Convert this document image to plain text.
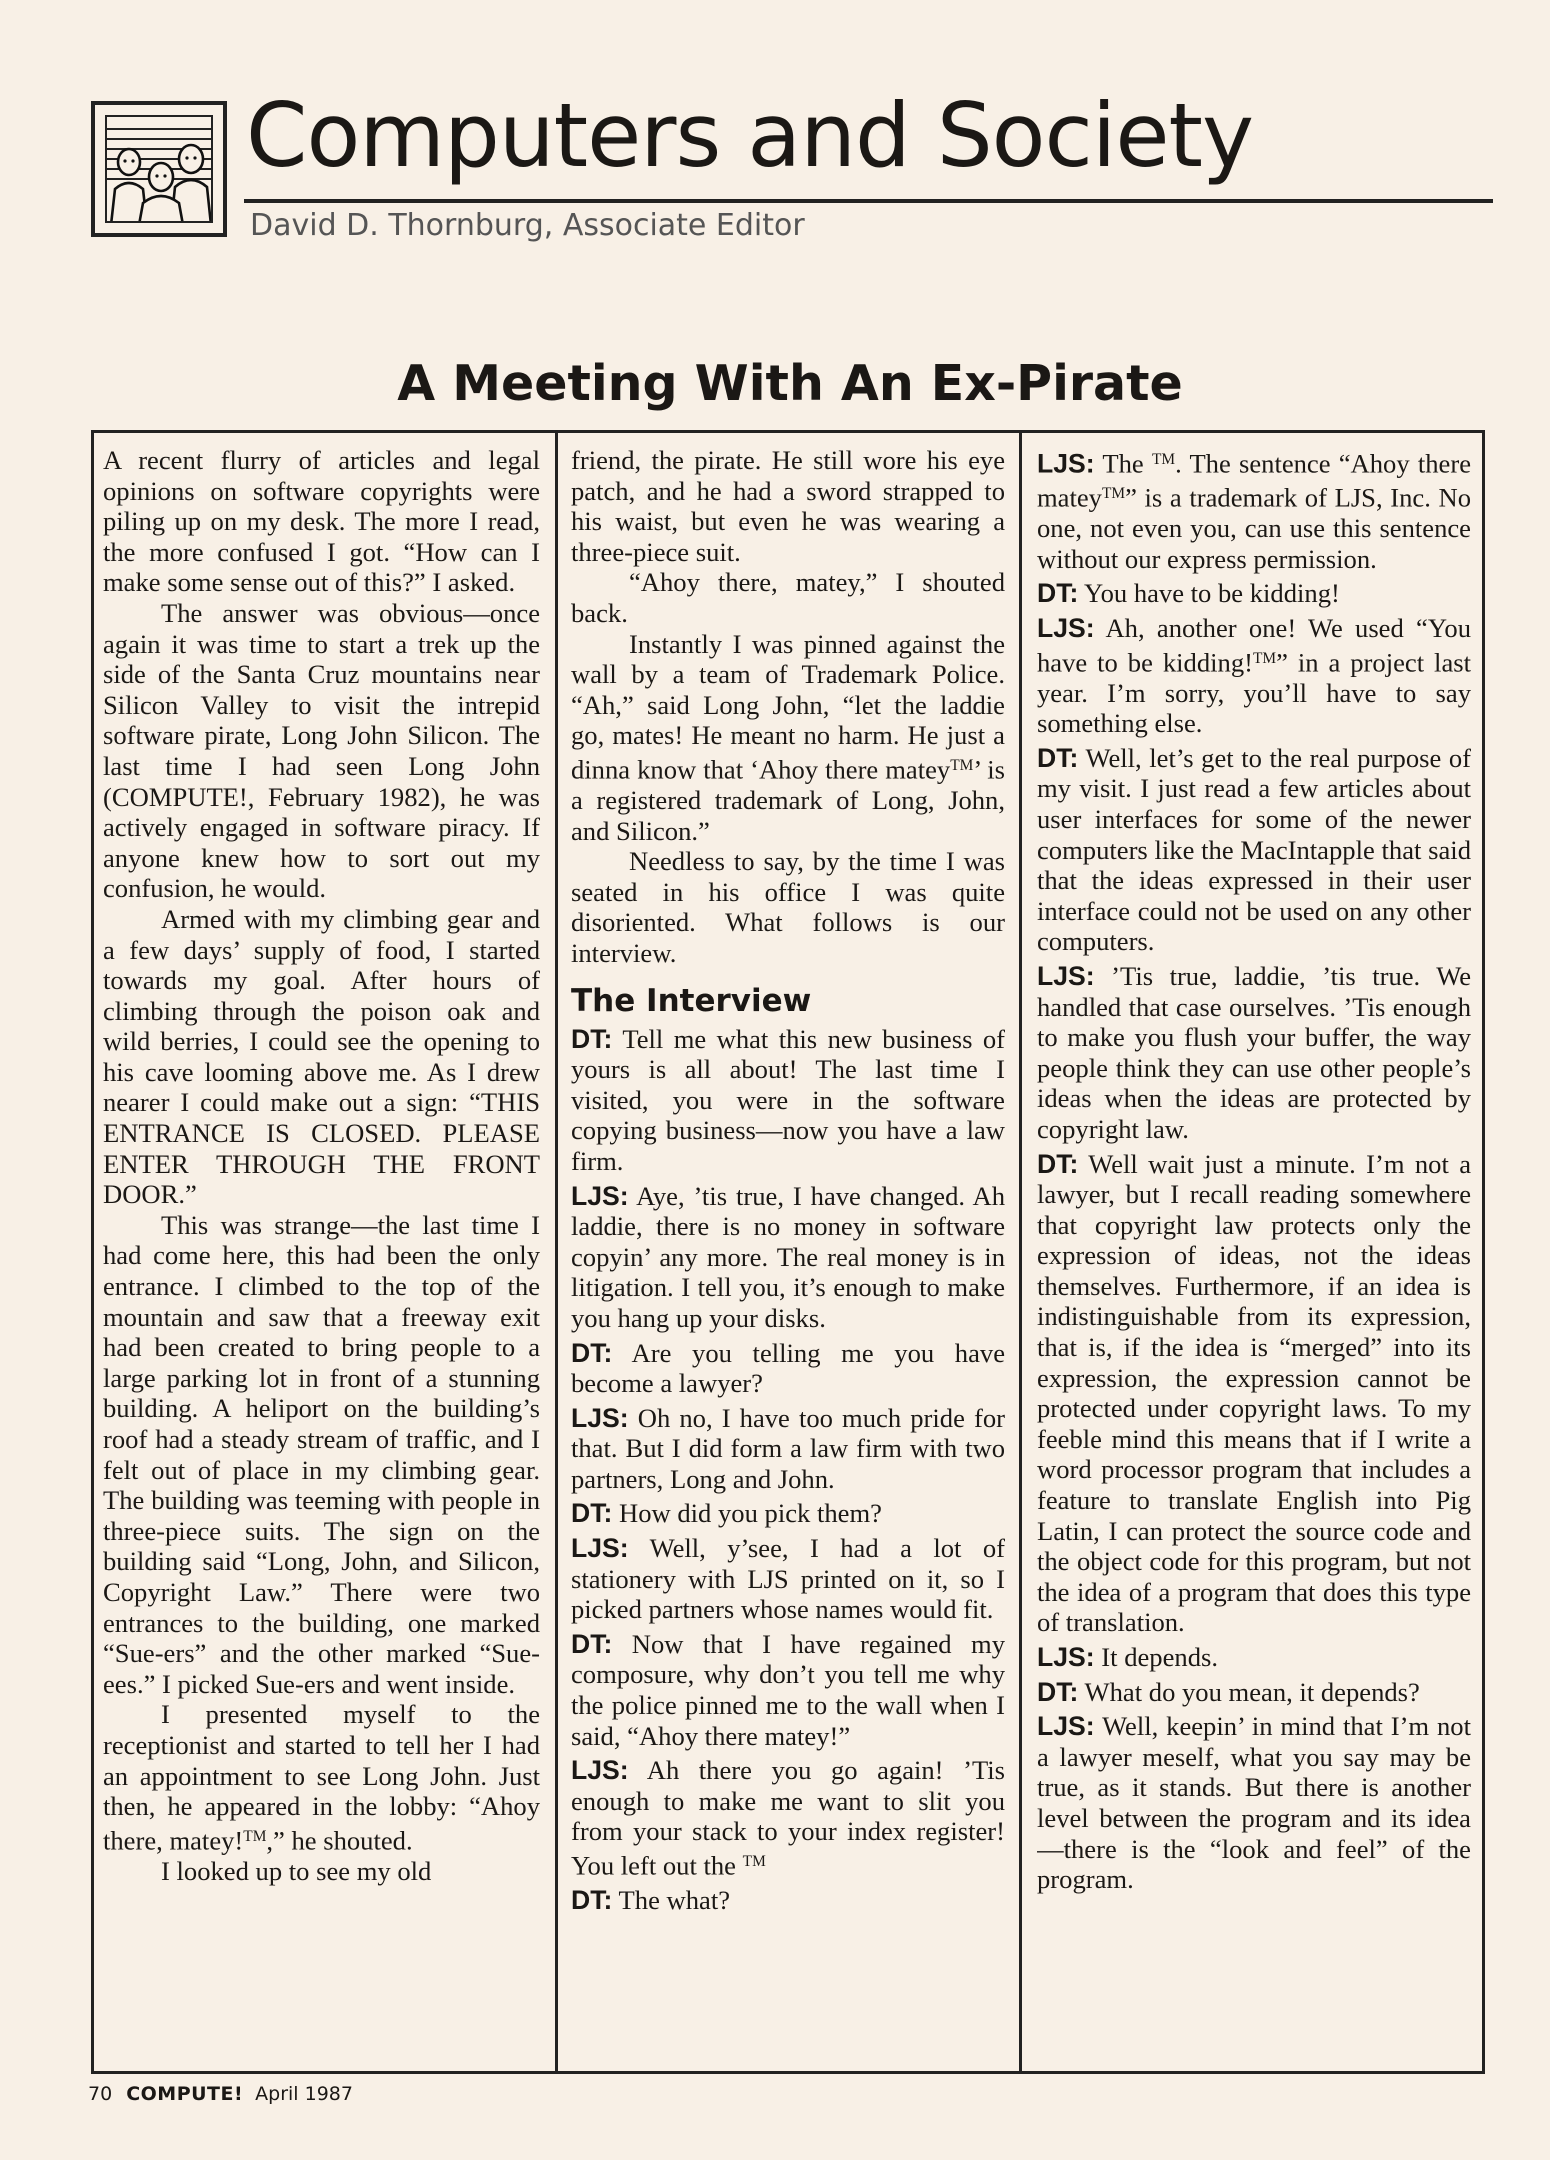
Computers and Society
David D. Thornburg, Associate Editor
A Meeting With An Ex-Pirate

A recent flurry of articles and legal opinions on software copyrights were piling up on my desk. The more I read, the more confused I got. “How can I make some sense out of this?” I asked.

The answer was obvious—once again it was time to start a trek up the side of the Santa Cruz mountains near Silicon Valley to visit the intrepid software pirate, Long John Silicon. The last time I had seen Long John (COMPUTE!, February 1982), he was actively engaged in software piracy. If anyone knew how to sort out my confusion, he would.

Armed with my climbing gear and a few days’ supply of food, I started towards my goal. After hours of climbing through the poison oak and wild berries, I could see the opening to his cave looming above me. As I drew nearer I could make out a sign: “THIS ENTRANCE IS CLOSED. PLEASE ENTER THROUGH THE FRONT DOOR.”

This was strange—the last time I had come here, this had been the only entrance. I climbed to the top of the mountain and saw that a freeway exit had been created to bring people to a large parking lot in front of a stunning building. A heliport on the building’s roof had a steady stream of traffic, and I felt out of place in my climbing gear. The building was teeming with people in three-piece suits. The sign on the building said “Long, John, and Silicon, Copyright Law.” There were two entrances to the building, one marked “Sue-ers” and the other marked “Sue-ees.” I picked Sue-ers and went inside.

I presented myself to the receptionist and started to tell her I had an appointment to see Long John. Just then, he appeared in the lobby: “Ahoy there, matey!™,” he shouted.

I looked up to see my old

friend, the pirate. He still wore his eye patch, and he had a sword strapped to his waist, but even he was wearing a three-piece suit.

“Ahoy there, matey,” I shouted back.

Instantly I was pinned against the wall by a team of Trademark Police. “Ah,” said Long John, “let the laddie go, mates! He meant no harm. He just a dinna know that ‘Ahoy there matey™’ is a registered trademark of Long, John, and Silicon.”

Needless to say, by the time I was seated in his office I was quite disoriented. What follows is our interview.

The Interview

DT: Tell me what this new business of yours is all about! The last time I visited, you were in the software copying business—now you have a law firm.

LJS: Aye, ’tis true, I have changed. Ah laddie, there is no money in software copyin’ any more. The real money is in litigation. I tell you, it’s enough to make you hang up your disks.

DT: Are you telling me you have become a lawyer?

LJS: Oh no, I have too much pride for that. But I did form a law firm with two partners, Long and John.

DT: How did you pick them?

LJS: Well, y’see, I had a lot of stationery with LJS printed on it, so I picked partners whose names would fit.

DT: Now that I have regained my composure, why don’t you tell me why the police pinned me to the wall when I said, “Ahoy there matey!”

LJS: Ah there you go again! ’Tis enough to make me want to slit you from your stack to your index register! You left out the ™

DT: The what?

LJS: The ™. The sentence “Ahoy there matey™” is a trademark of LJS, Inc. No one, not even you, can use this sentence without our express permission.

DT: You have to be kidding!

LJS: Ah, another one! We used “You have to be kidding!™” in a project last year. I’m sorry, you’ll have to say something else.

DT: Well, let’s get to the real purpose of my visit. I just read a few articles about user interfaces for some of the newer computers like the MacIntapple that said that the ideas expressed in their user interface could not be used on any other computers.

LJS: ’Tis true, laddie, ’tis true. We handled that case ourselves. ’Tis enough to make you flush your buffer, the way people think they can use other people’s ideas when the ideas are protected by copyright law.

DT: Well wait just a minute. I’m not a lawyer, but I recall reading somewhere that copyright law protects only the expression of ideas, not the ideas themselves. Furthermore, if an idea is indistinguishable from its expression, that is, if the idea is “merged” into its expression, the expression cannot be protected under copyright laws. To my feeble mind this means that if I write a word processor program that includes a feature to translate English into Pig Latin, I can protect the source code and the object code for this program, but not the idea of a program that does this type of translation.

LJS: It depends.

DT: What do you mean, it depends?

LJS: Well, keepin’ in mind that I’m not a lawyer meself, what you say may be true, as it stands. But there is another level between the program and its idea—there is the “look and feel” of the program.

70 COMPUTE! April 1987
